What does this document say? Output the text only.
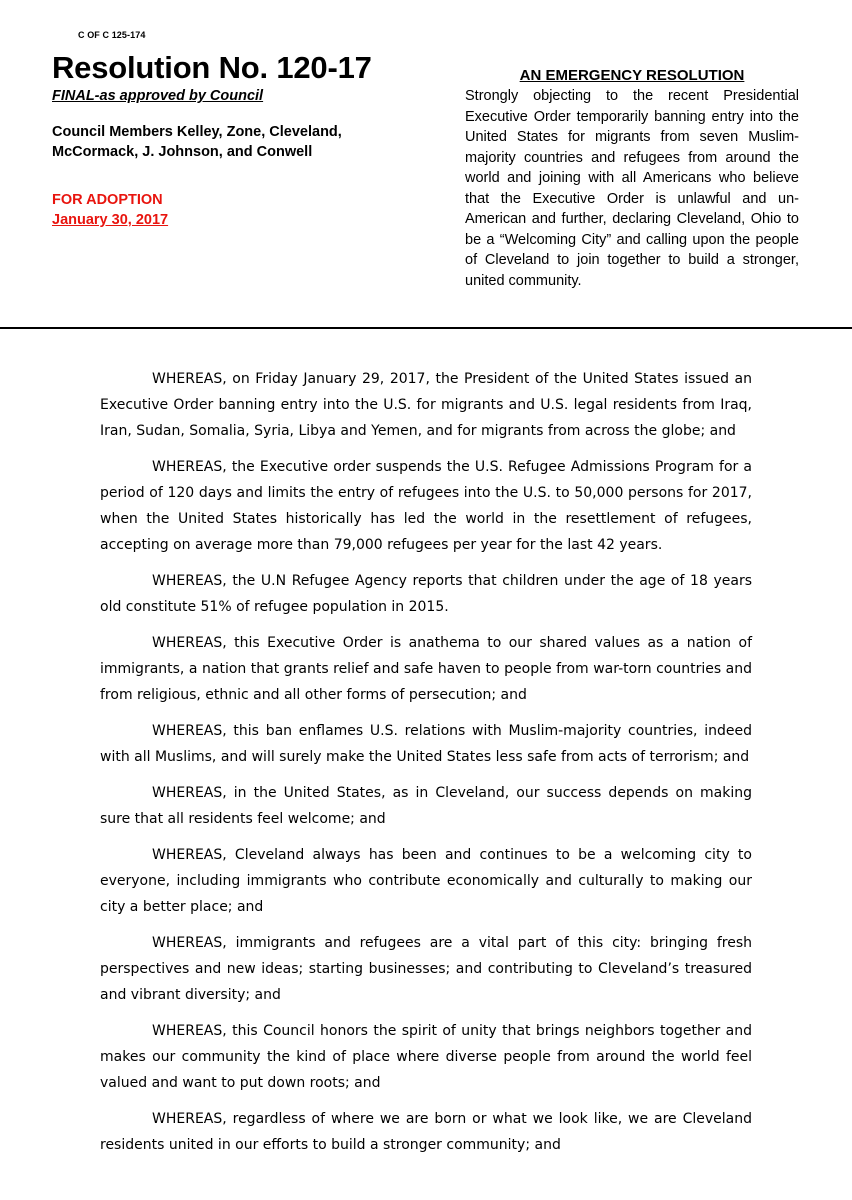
C OF C 125-174
Resolution No. 120-17
FINAL-as approved by Council
Council Members Kelley, Zone, Cleveland, McCormack, J. Johnson, and Conwell
FOR ADOPTION
January 30, 2017
AN EMERGENCY RESOLUTION

Strongly objecting to the recent Presidential Executive Order temporarily banning entry into the United States for migrants from seven Muslim-majority countries and refugees from around the world and joining with all Americans who believe that the Executive Order is unlawful and un-American and further, declaring Cleveland, Ohio to be a “Welcoming City” and calling upon the people of Cleveland to join together to build a stronger, united community.

WHEREAS, on Friday January 29, 2017, the President of the United States issued an Executive Order banning entry into the U.S. for migrants and U.S. legal residents from Iraq, Iran, Sudan, Somalia, Syria, Libya and Yemen, and for migrants from across the globe; and

WHEREAS, the Executive order suspends the U.S. Refugee Admissions Program for a period of 120 days and limits the entry of refugees into the U.S. to 50,000 persons for 2017, when the United States historically has led the world in the resettlement of refugees, accepting on average more than 79,000 refugees per year for the last 42 years.

WHEREAS, the U.N Refugee Agency reports that children under the age of 18 years old constitute 51% of refugee population in 2015.

WHEREAS, this Executive Order is anathema to our shared values as a nation of immigrants, a nation that grants relief and safe haven to people from war-torn countries and from religious, ethnic and all other forms of persecution; and

WHEREAS, this ban enflames U.S. relations with Muslim-majority countries, indeed with all Muslims, and will surely make the United States less safe from acts of terrorism; and

WHEREAS, in the United States, as in Cleveland, our success depends on making sure that all residents feel welcome; and

WHEREAS, Cleveland always has been and continues to be a welcoming city to everyone, including immigrants who contribute economically and culturally to making our city a better place; and

WHEREAS, immigrants and refugees are a vital part of this city: bringing fresh perspectives and new ideas; starting businesses; and contributing to Cleveland’s treasured and vibrant diversity; and

WHEREAS, this Council honors the spirit of unity that brings neighbors together and makes our community the kind of place where diverse people from around the world feel valued and want to put down roots; and

WHEREAS, regardless of where we are born or what we look like, we are Cleveland residents united in our efforts to build a stronger community; and
